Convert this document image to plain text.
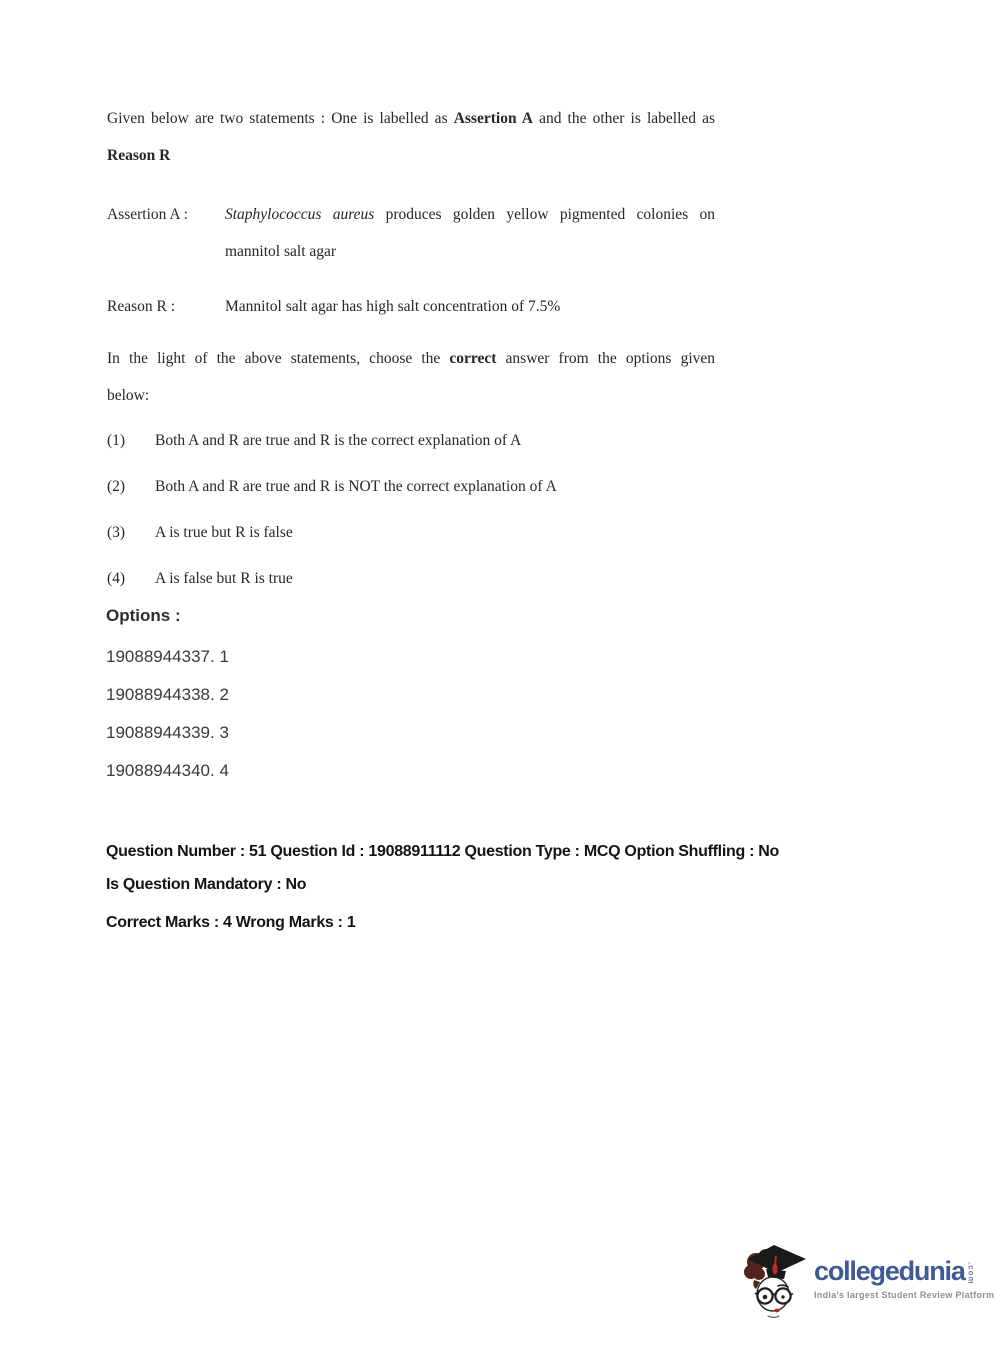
Given below are two statements : One is labelled as Assertion A and the other is labelled as
Reason R
Assertion A : Staphylococcus aureus produces golden yellow pigmented colonies on
mannitol salt agar
Reason R :	Mannitol salt agar has high salt concentration of 7.5%
In the light of the above statements, choose the correct answer from the options given
below:
(1)	Both A and R are true and R is the correct explanation of A
(2)	Both A and R are true and R is NOT the correct explanation of A
(3)	A is true but R is false
(4)	A is false but R is true
Options :
19088944337. 1
19088944338. 2
19088944339. 3
19088944340. 4
Question Number : 51 Question Id : 19088911112 Question Type : MCQ Option Shuffling : No
Is Question Mandatory : No
Correct Marks : 4 Wrong Marks : 1
collegedunia .com
India's largest Student Review Platform
